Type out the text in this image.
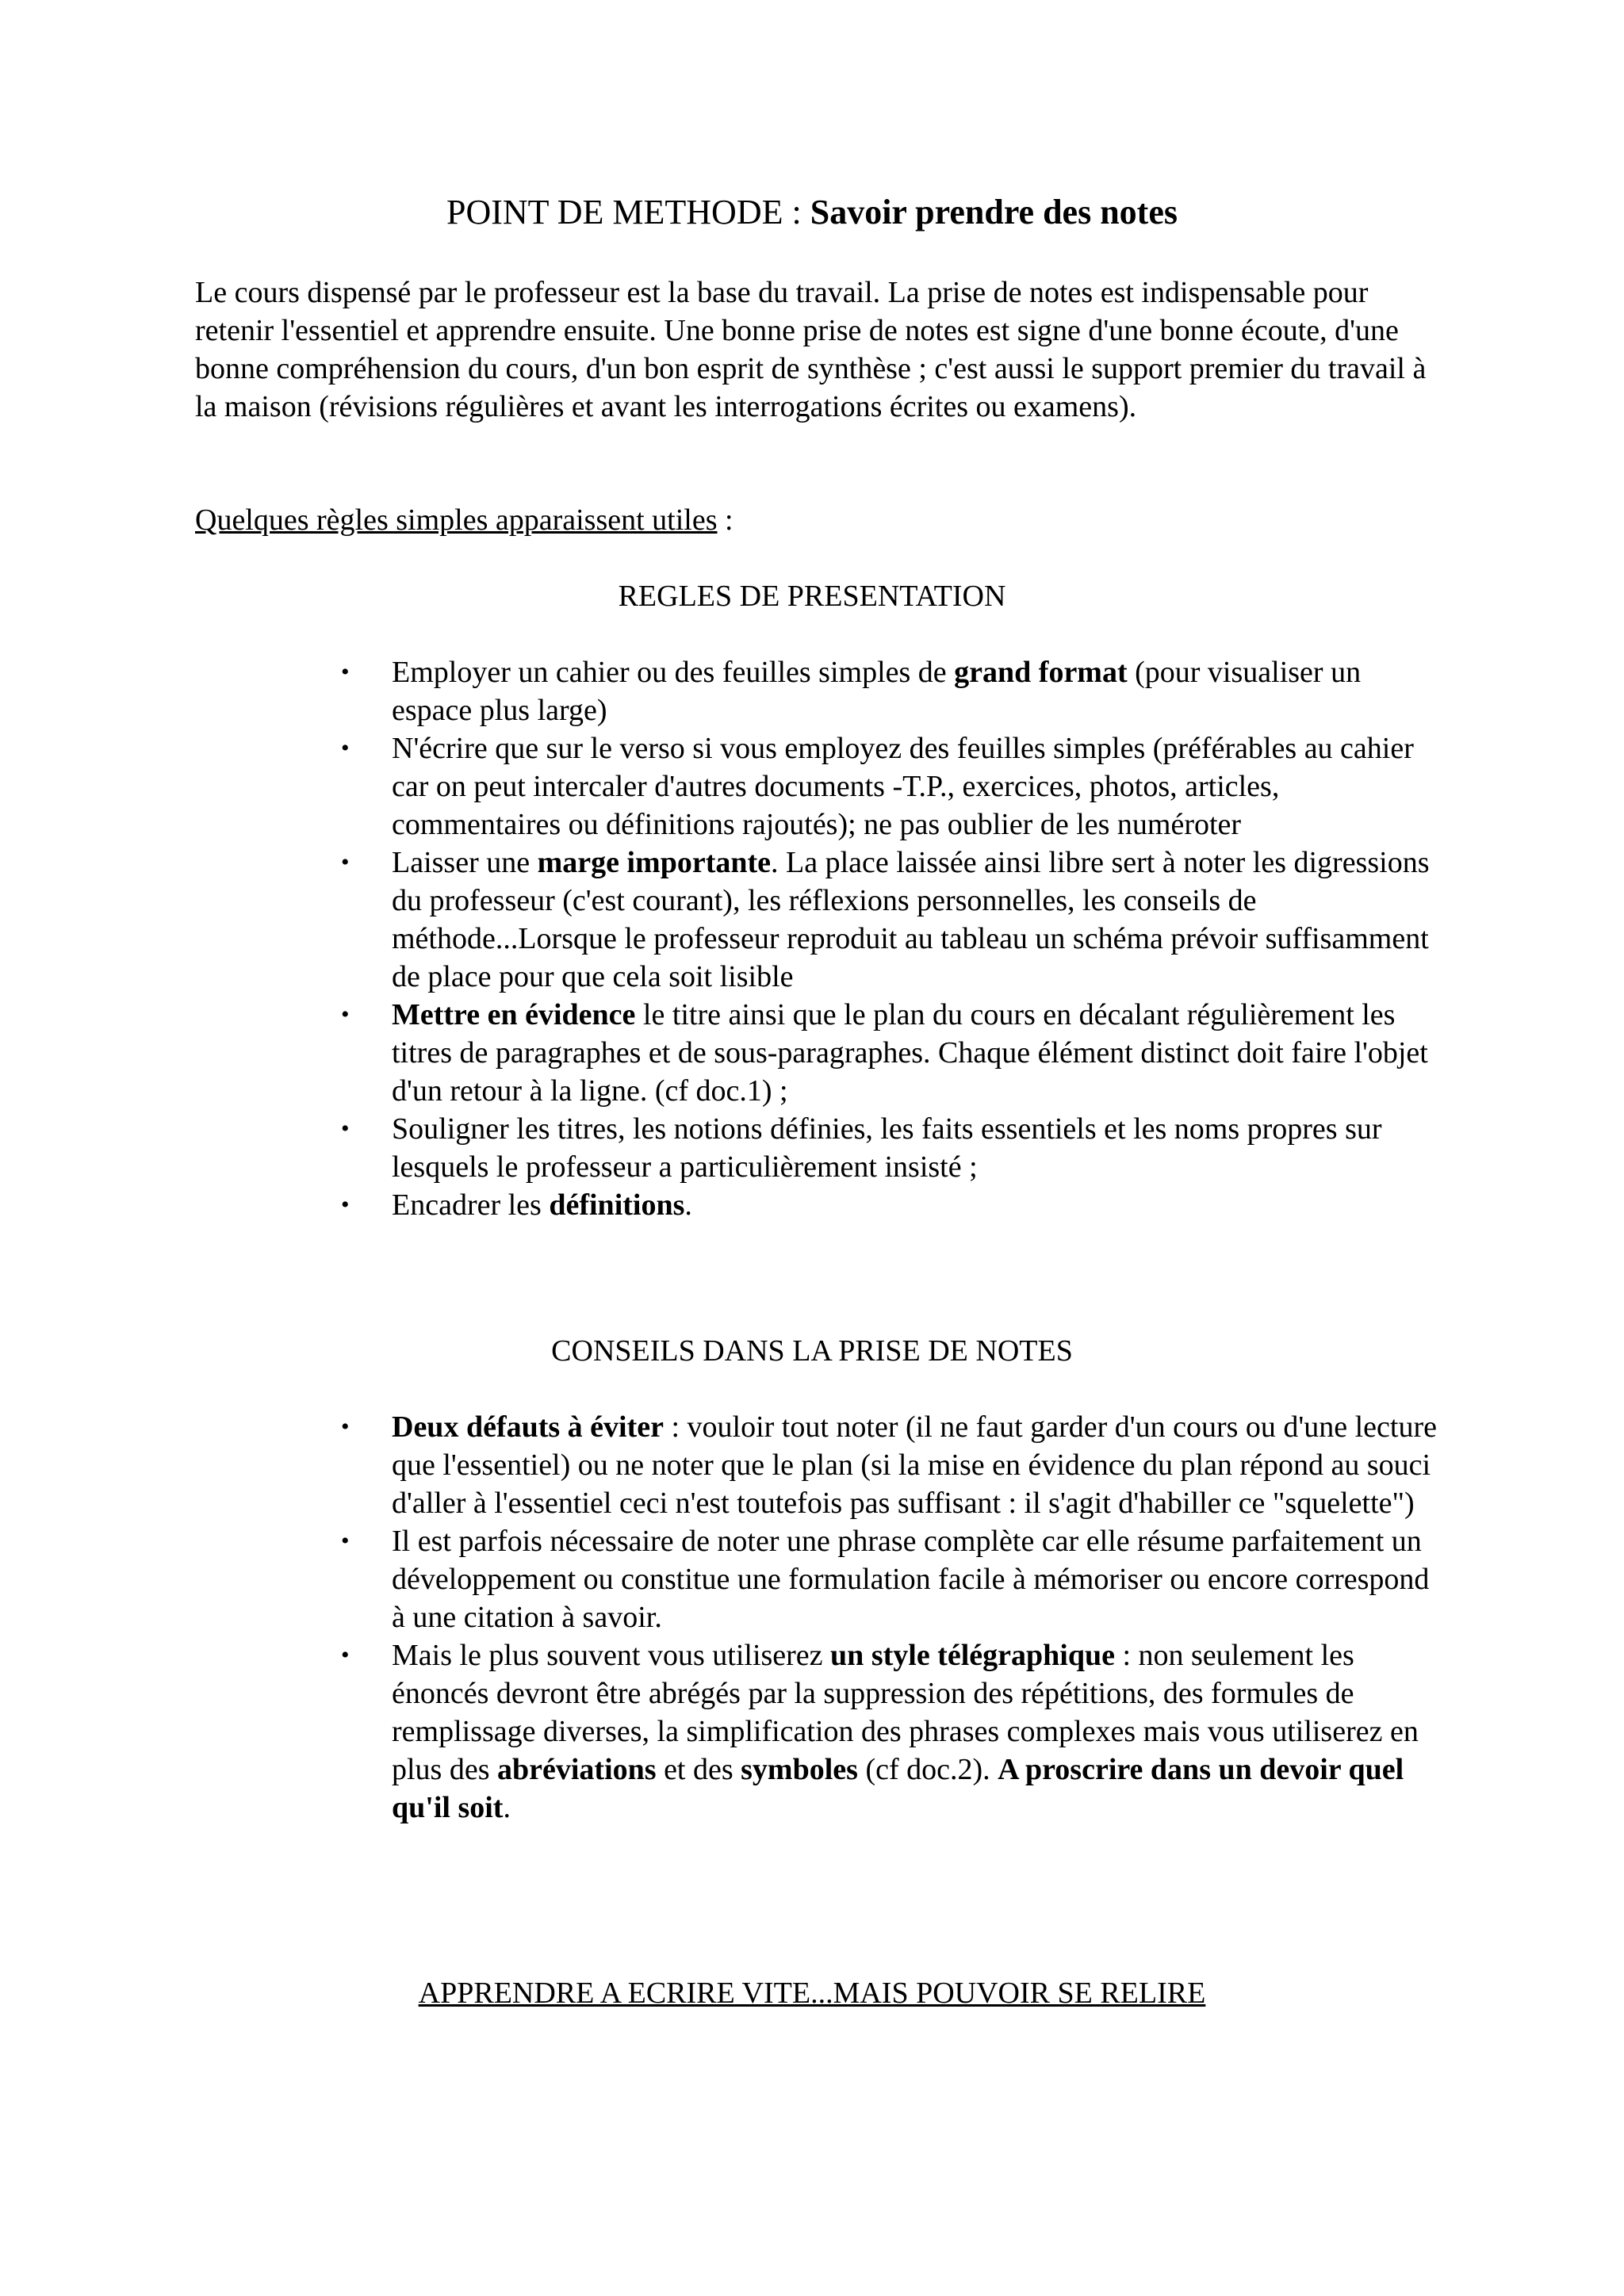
POINT DE METHODE : Savoir prendre des notes

Le cours dispensé par le professeur est la base du travail. La prise de notes est indispensable pour retenir l'essentiel et apprendre ensuite. Une bonne prise de notes est signe d'une bonne écoute, d'une bonne compréhension du cours, d'un bon esprit de synthèse ; c'est aussi le support premier du travail à la maison (révisions régulières et avant les interrogations écrites ou examens).

Quelques règles simples apparaissent utiles :

REGLES DE PRESENTATION

• Employer un cahier ou des feuilles simples de grand format (pour visualiser un espace plus large)
• N'écrire que sur le verso si vous employez des feuilles simples (préférables au cahier car on peut intercaler d'autres documents -T.P., exercices, photos, articles, commentaires ou définitions rajoutés); ne pas oublier de les numéroter
• Laisser une marge importante. La place laissée ainsi libre sert à noter les digressions du professeur (c'est courant), les réflexions personnelles, les conseils de méthode...Lorsque le professeur reproduit au tableau un schéma prévoir suffisamment de place pour que cela soit lisible
• Mettre en évidence le titre ainsi que le plan du cours en décalant régulièrement les titres de paragraphes et de sous-paragraphes. Chaque élément distinct doit faire l'objet d'un retour à la ligne. (cf doc.1) ;
• Souligner les titres, les notions définies, les faits essentiels et les noms propres sur lesquels le professeur a particulièrement insisté ;
• Encadrer les définitions.

CONSEILS DANS LA PRISE DE NOTES

• Deux défauts à éviter : vouloir tout noter (il ne faut garder d'un cours ou d'une lecture que l'essentiel) ou ne noter que le plan (si la mise en évidence du plan répond au souci d'aller à l'essentiel ceci n'est toutefois pas suffisant : il s'agit d'habiller ce "squelette")
• Il est parfois nécessaire de noter une phrase complète car elle résume parfaitement un développement ou constitue une formulation facile à mémoriser ou encore correspond à une citation à savoir.
• Mais le plus souvent vous utiliserez un style télégraphique : non seulement les énoncés devront être abrégés par la suppression des répétitions, des formules de remplissage diverses, la simplification des phrases complexes mais vous utiliserez en plus des abréviations et des symboles (cf doc.2). A proscrire dans un devoir quel qu'il soit.

APPRENDRE A ECRIRE VITE...MAIS POUVOIR SE RELIRE
